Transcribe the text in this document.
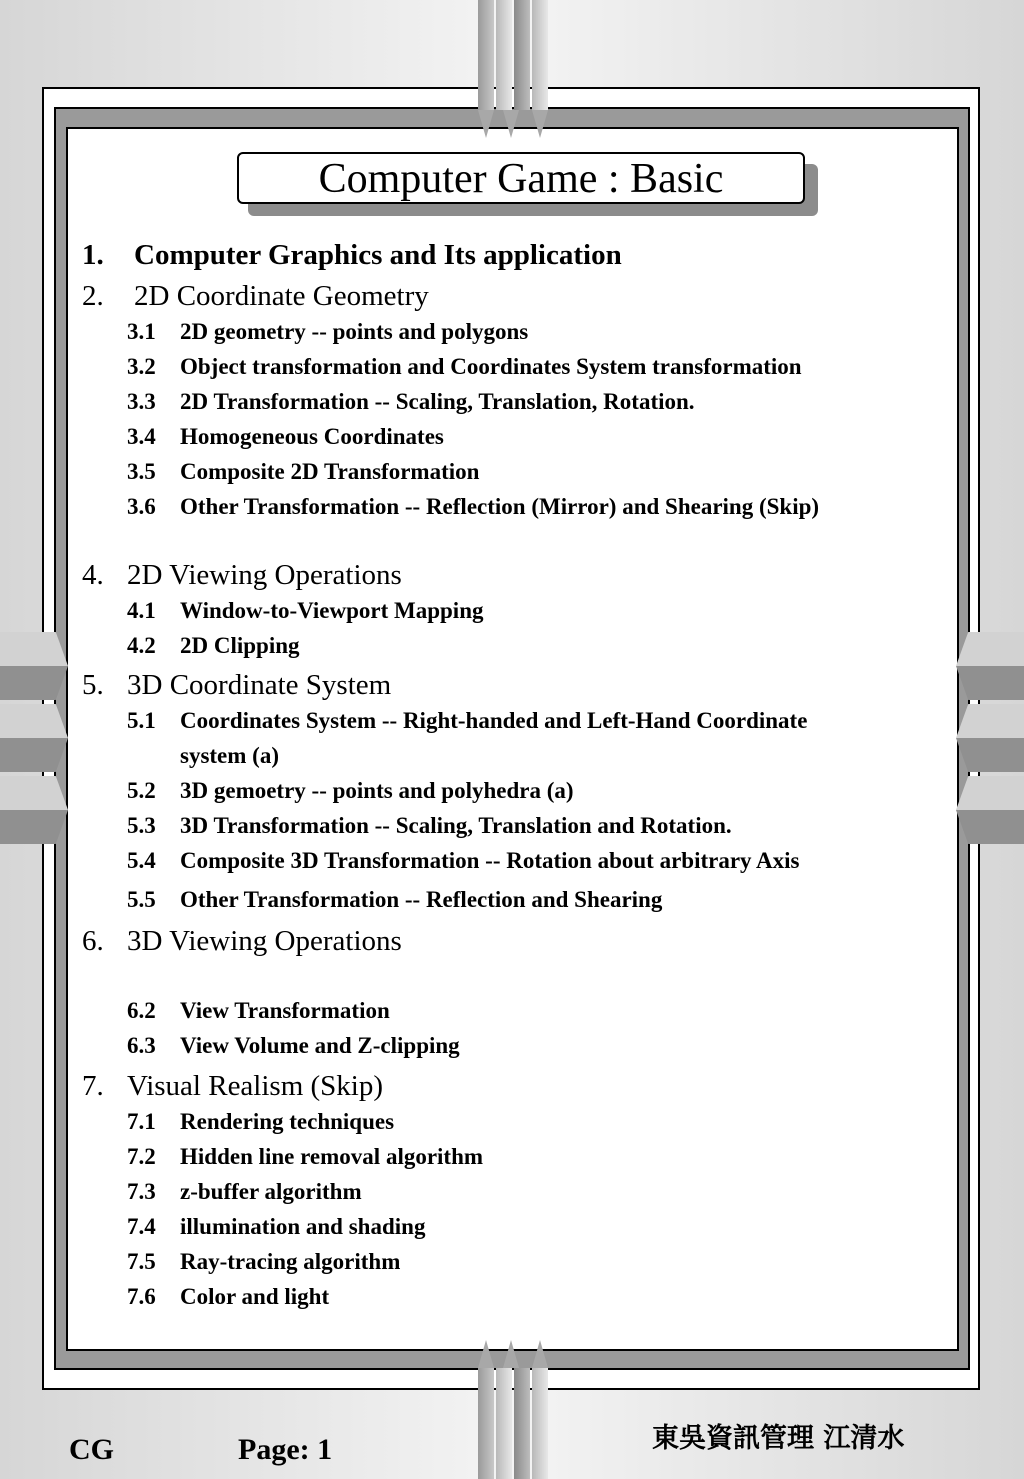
Computer Game : Basic
1. Computer Graphics and Its application
2. 2D Coordinate Geometry
3.1 2D geometry -- points and polygons
3.2 Object transformation and Coordinates System transformation
3.3 2D Transformation -- Scaling, Translation, Rotation.
3.4 Homogeneous Coordinates
3.5 Composite 2D Transformation
3.6 Other Transformation -- Reflection (Mirror) and Shearing (Skip)
4. 2D Viewing Operations
4.1 Window-to-Viewport Mapping
4.2 2D Clipping
5. 3D Coordinate System
5.1 Coordinates System -- Right-handed and Left-Hand Coordinate
system (a)
5.2 3D gemoetry -- points and polyhedra (a)
5.3 3D Transformation -- Scaling, Translation and Rotation.
5.4 Composite 3D Transformation -- Rotation about arbitrary Axis
5.5 Other Transformation -- Reflection and Shearing
6. 3D Viewing Operations
6.2 View Transformation
6.3 View Volume and Z-clipping
7. Visual Realism (Skip)
7.1 Rendering techniques
7.2 Hidden line removal algorithm
7.3 z-buffer algorithm
7.4 illumination and shading
7.5 Ray-tracing algorithm
7.6 Color and light
CG	Page: 1	東吳資訊管理 江清水
